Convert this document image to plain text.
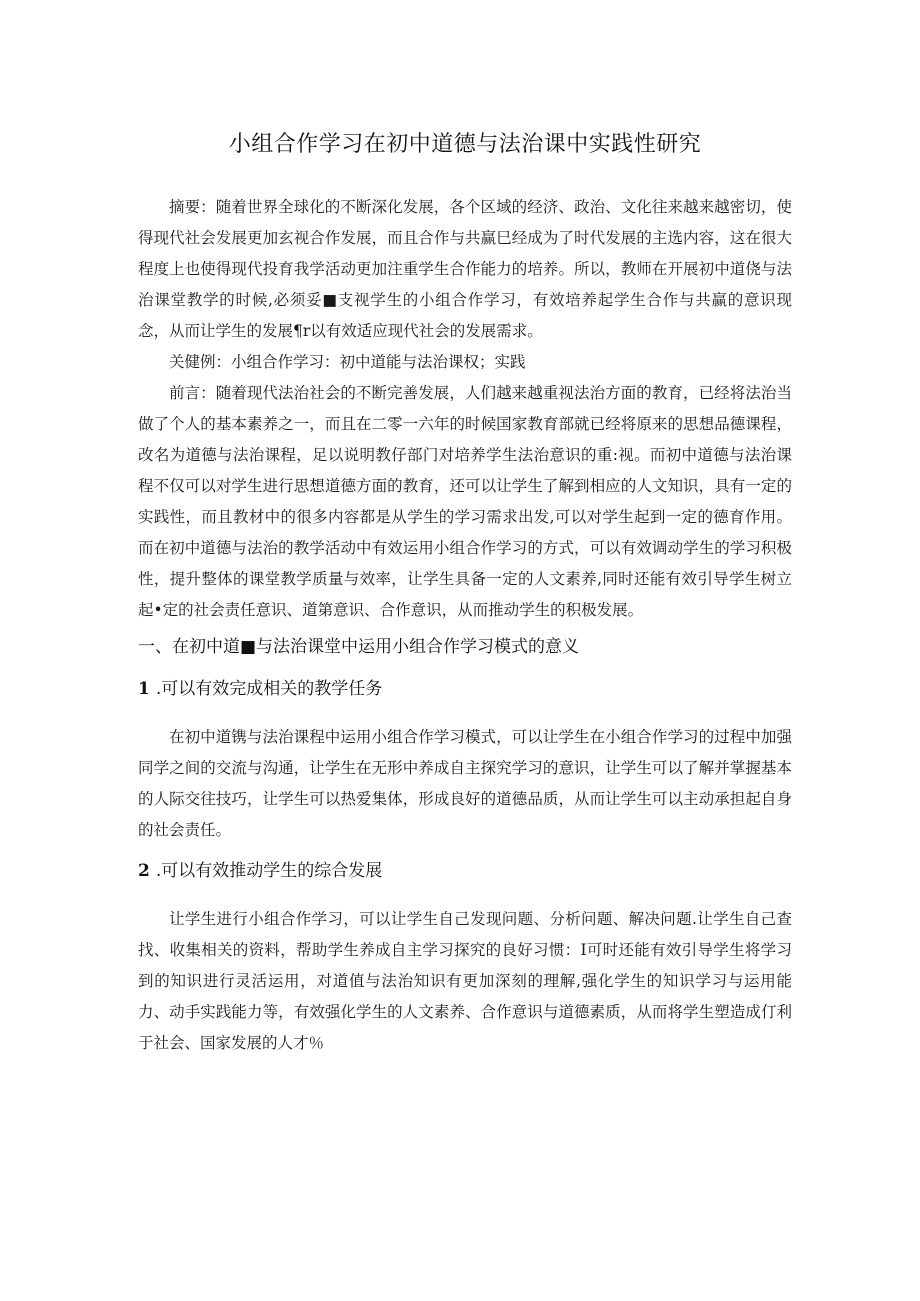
小组合作学习在初中道德与法治课中实践性研究

摘要：随着世界全球化的不断深化发展，各个区域的经济、政治、文化往来越来越密切，使得现代社会发展更加玄视合作发展，而且合作与共赢巳经成为了时代发展的主选内容，这在很大程度上也使得现代投育我学活动更加注重学生合作能力的培养。所以，教师在开展初中道侥与法治课堂教学的时候,必须妥■支视学生的小组合作学习，有效培养起学生合作与共赢的意识现念，从而让学生的发展¶r以有效适应现代社会的发展需求。

关健例：小组合作学习：初中道能与法治课权；实践

前言：随着现代法治社会的不断完善发展，人们越来越重视法治方面的教育，已经将法治当做了个人的基本素养之一，而且在二零一六年的时候国家教育部就已经将原来的思想品德课程，改名为道德与法治课程，足以说明教仔部门对培养学生法治意识的重:视。而初中道德与法治课程不仅可以对学生进行思想道德方面的教育，还可以让学生了解到相应的人文知识，具有一定的实践性，而且教材中的很多内容都是从学生的学习需求出发,可以对学生起到一定的德育作用。而在初中道德与法治的教学活动中有效运用小组合作学习的方式，可以有效调动学生的学习积极性，提升整体的课堂教学质量与效率，让学生具备一定的人文素养,同时还能有效引导学生树立起•定的社会责任意识、道第意识、合作意识，从而推动学生的积极发展。

一、在初中道■与法治课堂中运用小组合作学习模式的意义
1 .可以有效完成相关的教学任务

在初中道镌与法治课程中运用小组合作学习模式，可以让学生在小组合作学习的过程中加强同学之间的交流与沟通，让学生在无形中养成自主探究学习的意识，让学生可以了解并掌握基本的人际交往技巧，让学生可以热爱集体，形成良好的道德品质，从而让学生可以主动承担起自身的社会责任。

2 .可以有效推动学生的综合发展

让学生进行小组合作学习，可以让学生自己发现问题、分析问题、解决问题.让学生自己查找、收集相关的资料，帮助学生养成自主学习探究的良好习惯：I可时还能有效引导学生将学习到的知识进行灵活运用，对道值与法治知识有更加深刻的理解,强化学生的知识学习与运用能力、动手实践能力等，有效强化学生的人文素养、合作意识与道德素质，从而将学生塑造成仃利于社会、国家发展的人才％
